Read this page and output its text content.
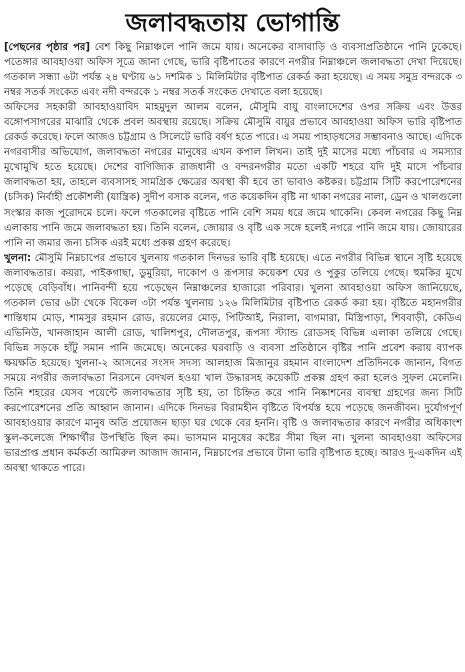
জলাবদ্ধতায় ভোগান্তি

[পেছনের পৃষ্ঠার পর] বেশ কিছু নিম্নাঞ্চলে পানি জমে যায়। অনেকের বাসাবাড়ি ও ব্যবসাপ্রতিষ্ঠানে পানি ঢুকেছে। পতেঙ্গার আবহাওয়া অফিস সূত্রে জানা গেছে, ভারি বৃষ্টিপাতের কারণে নগরীর নিম্নাঞ্চলে জলাবদ্ধতা দেখা দিয়েছে। গতকাল সন্ধ্যা ৬টা পর্যন্ত ২৪ ঘণ্টায় ৬১ দশমিক ১ মিলিমিটার বৃষ্টিপাত রেকর্ড করা হয়েছে। এ সময় সমুদ্র বন্দরকে ৩ নম্বর সতর্ক সংকেত এবং নদী বন্দরকে ১ নম্বর সতর্ক সংকেত দেখাতে বলা হয়েছে।

অফিসের সহকারী আবহাওয়াবিদ মাহমুদুল আলম বলেন, মৌসুমি বায়ু বাংলাদেশের ওপর সক্রিয় এবং উত্তর বঙ্গোপসাগরের মাঝারি থেকে প্রবল অবস্থায় রয়েছে। সক্রিয় মৌসুমি বায়ুর প্রভাবে আবহাওয়া অফিস ভারি বৃষ্টিপাত রেকর্ড করেছে। ফলে আজও চট্টগ্রাম ও সিলেটে ভারি বর্ষণ হতে পারে। এ সময় পাহাড়ধসের সম্ভাবনাও আছে। এদিকে নগরবাসীর অভিযোগ, জলাবদ্ধতা নগরের মানুষের এখন কপাল লিখন। তাই দুই মাসের মধ্যে পাঁচবার এ সমস্যার মুখোমুখি হতে হয়েছে। দেশের বাণিজ্যিক রাজধানী ও বন্দরনগরীর মতো একটি শহরে যদি দুই মাসে পাঁচবার জলাবদ্ধতা হয়, তাহলে ব্যবসাসহ সামগ্রিক ক্ষেত্রের অবস্থা কী হবে তা ভাবাও কষ্টকর। চট্টগ্রাম সিটি করপোরেশনের (চসিক) নির্বাহী প্রকৌশলী (যান্ত্রিক) সুদীপ বসাক বলেন, গত কয়েকদিন বৃষ্টি না থাকা নগরের নালা, ড্রেন ও খালগুলো সংস্কার কাজ পুরোদমে চলে। ফলে গতকালের বৃষ্টিতে পানি বেশি সময় ধরে জমে থাকেনি। কেবল নগরের কিছু নিম্ন এলাকায় পানি জমে জলাবদ্ধতা হয়। তিনি বলেন, জোয়ার ও বৃষ্টি এক সঙ্গে হলেই নগরে পানি জমে যায়। জোয়ারের পানি না জমার জন্য চসিক এরই মধ্যে প্রকল্প গ্রহণ করেছে।

খুলনা: মৌসুমি নিম্নচাপের প্রভাবে খুলনায় গতকাল দিনভর ভারি বৃষ্টি হয়েছে। এতে নগরীর বিভিন্ন স্থানে সৃষ্টি হয়েছে জলাবদ্ধতার। কয়রা, পাইকগাছা, ডুমুরিয়া, দাকোপ ও রূপসার কয়েকশ ঘের ও পুকুর তলিয়ে গেছে। হুমকির মুখে পড়েছে বেড়িবাঁধ। পানিবন্দী হয়ে পড়েছেন নিম্নাঞ্চলের হাজারো পরিবার। খুলনা আবহাওয়া অফিস জানিয়েছে, গতকাল ভোর ৬টা থেকে বিকেল ৩টা পর্যন্ত খুলনায় ১২৬ মিলিমিটার বৃষ্টিপাত রেকর্ড করা হয়। বৃষ্টিতে মহানগরীর শান্তিধাম মোড়, শামসুর রহমান রোড, রয়েলের মোড়, পিটিআই, নিরালা, বাগমারা, মিস্ত্রিপাড়া, শিববাড়ী, কেডিএ এভিনিউ, খানজাহান আলী রোড, খালিশপুর, দৌলতপুর, রূপসা স্ট্যান্ড রোডসহ বিভিন্ন এলাকা তলিয়ে গেছে। বিভিন্ন সড়কে হাঁটু সমান পানি জমেছে। অনেকের ঘরবাড়ি ও ব্যবসা প্রতিষ্ঠানে বৃষ্টির পানি প্রবেশ করায় ব্যাপক ক্ষয়ক্ষতি হয়েছে। খুলনা-২ আসনের সংসদ সদস্য আলহাজ মিজানুর রহমান বাংলাদেশ প্রতিদিনকে জানান, বিগত সময়ে নগরীর জলাবদ্ধতা নিরসনে বেদখল হওয়া খাল উদ্ধারসহ কয়েকটি প্রকল্প গ্রহণ করা হলেও সুফল মেলেনি। তিনি শহরের যেসব পয়েন্টে জলাবদ্ধতার সৃষ্টি হয়, তা চিহ্নিত করে পানি নিষ্কাশনের ব্যবস্থা গ্রহণের জন্য সিটি করপোরেশনের প্রতি আহ্বান জানান। এদিকে দিনভর বিরামহীন বৃষ্টিতে বিপর্যস্ত হয়ে পড়েছে জনজীবন। দুর্যোগপূর্ণ আবহাওয়ার কারণে মানুষ অতি প্রয়োজন ছাড়া ঘর থেকে বের হননি। বৃষ্টি ও জলাবদ্ধতার কারণে নগরীর অধিকাংশ স্কুল-কলেজে শিক্ষার্থীর উপস্থিতি ছিল কম। ভাসমান মানুষের কষ্টের সীমা ছিল না। খুলনা আবহাওয়া অফিসের ভারপ্রাপ্ত প্রধান কর্মকর্তা আমিরুল আজাদ জানান, নিম্নচাপের প্রভাবে টানা ভারি বৃষ্টিপাত হচ্ছে। আরও দু-একদিন এই অবস্থা থাকতে পারে।
